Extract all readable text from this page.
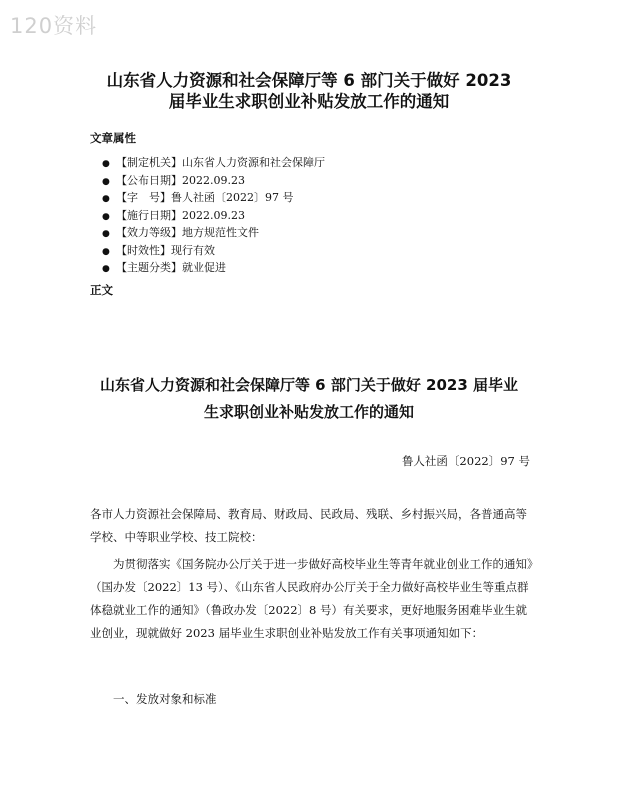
120资料
山东省人力资源和社会保障厅等 6 部门关于做好 2023
届毕业生求职创业补贴发放工作的通知
文章属性
● 【制定机关】山东省人力资源和社会保障厅
● 【公布日期】2022.09.23
● 【字　号】鲁人社函〔2022〕97 号
● 【施行日期】2022.09.23
● 【效力等级】地方规范性文件
● 【时效性】现行有效
● 【主题分类】就业促进
正文
山东省人力资源和社会保障厅等 6 部门关于做好 2023 届毕业
生求职创业补贴发放工作的通知
鲁人社函〔2022〕97 号

各市人力资源社会保障局、教育局、财政局、民政局、残联、乡村振兴局，各普通高等学校、中等职业学校、技工院校：

为贯彻落实《国务院办公厅关于进一步做好高校毕业生等青年就业创业工作的通知》（国办发〔2022〕13 号）、《山东省人民政府办公厅关于全力做好高校毕业生等重点群体稳就业工作的通知》（鲁政办发〔2022〕8 号）有关要求，更好地服务困难毕业生就业创业，现就做好 2023 届毕业生求职创业补贴发放工作有关事项通知如下：

一、发放对象和标准
